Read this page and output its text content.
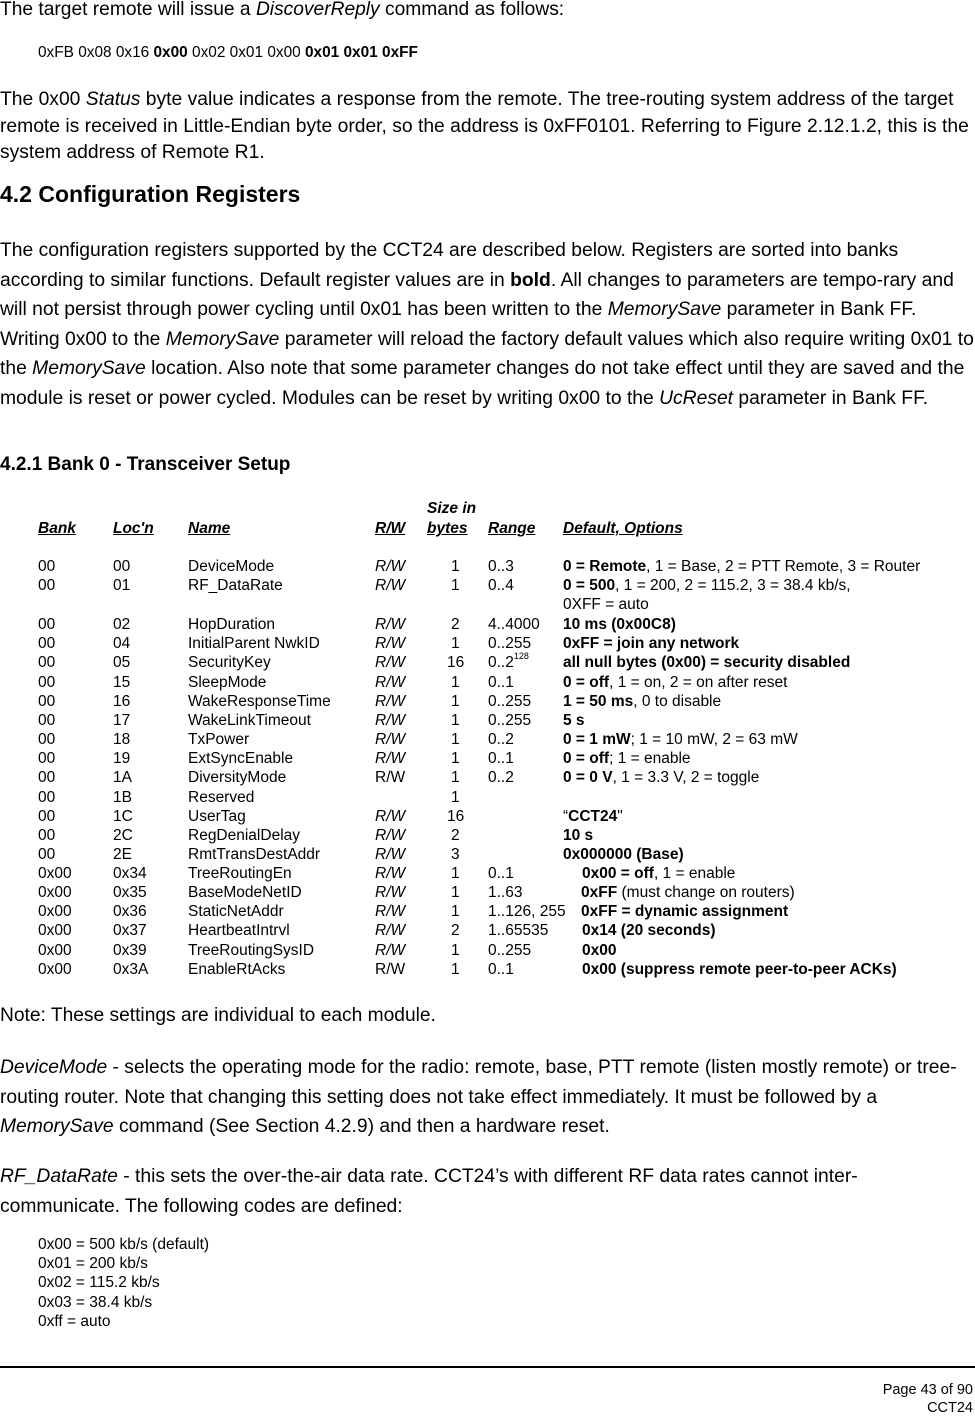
The target remote will issue a DiscoverReply command as follows:
0xFB 0x08 0x16 0x00 0x02 0x01 0x00 0x01 0x01 0xFF
The 0x00 Status byte value indicates a response from the remote. The tree-routing system address of the target remote is received in Little-Endian byte order, so the address is 0xFF0101. Referring to Figure 2.12.1.2, this is the system address of Remote R1.
4.2 Configuration Registers
The configuration registers supported by the CCT24 are described below. Registers are sorted into banks according to similar functions. Default register values are in bold. All changes to parameters are tempo-rary and will not persist through power cycling until 0x01 has been written to the MemorySave parameter in Bank FF. Writing 0x00 to the MemorySave parameter will reload the factory default values which also require writing 0x01 to the MemorySave location. Also note that some parameter changes do not take effect until they are saved and the module is reset or power cycled. Modules can be reset by writing 0x00 to the UcReset parameter in Bank FF.
4.2.1 Bank 0 - Transceiver Setup
Bank Loc'n Name	R/W
Size in
bytes Range Default, Options
00	00	DeviceMode	R/W	1	0..3	0 = Remote, 1 = Base, 2 = PTT Remote, 3 = Router
00	01	RF_DataRate	R/W	1	0..4	0 = 500, 1 = 200, 2 = 115.2, 3 = 38.4 kb/s,
0XFF = auto
00	02	HopDuration	R/W	2	4..4000 10 ms (0x00C8)
00	04	InitialParent NwkID	R/W	1	0..255 0xFF = join any network
00	05	SecurityKey	R/W	16	0..2$^{128}$ all null bytes (0x00) = security disabled
00	15	SleepMode	R/W	1	0..1	0 = off, 1 = on, 2 = on after reset
00	16	WakeResponseTime	R/W	1	0..255 1 = 50 ms, 0 to disable
00	17	WakeLinkTimeout	R/W	1	0..255 5 s
00	18	TxPower	R/W	1	0..2	0 = 1 mW; 1 = 10 mW, 2 = 63 mW
00	19	ExtSyncEnable	R/W	1	0..1	0 = off; 1 = enable
00	1A	DiversityMode	R/W	1	0..2	0 = 0 V, 1 = 3.3 V, 2 = toggle
00	1B	Reserved	1
00	1C	UserTag	R/W	16	“CCT24"
00	2C	RegDenialDelay	R/W	2	10 s
00	2E	RmtTransDestAddr	R/W	3	0x000000 (Base)
0x00	0x34	TreeRoutingEn	R/W	1	0..1	0x00 = off, 1 = enable
0x00	0x35	BaseModeNetID	R/W	1	1..63	0xFF (must change on routers)
0x00	0x36	StaticNetAddr	R/W	1	1..126, 255 0xFF = dynamic assignment
0x00	0x37	HeartbeatIntrvl	R/W	2	1..65535 0x14 (20 seconds)
0x00	0x39	TreeRoutingSysID	R/W	1	0..255	0x00
0x00	0x3A	EnableRtAcks	R/W	1	0..1	0x00 (suppress remote peer-to-peer ACKs)
Note: These settings are individual to each module.
DeviceMode - selects the operating mode for the radio: remote, base, PTT remote (listen mostly remote) or tree-routing router. Note that changing this setting does not take effect immediately. It must be followed by a MemorySave command (See Section 4.2.9) and then a hardware reset.
RF_DataRate - this sets the over-the-air data rate. CCT24’s with different RF data rates cannot inter-communicate. The following codes are defined:
0x00 = 500 kb/s (default)
0x01 = 200 kb/s
0x02 = 115.2 kb/s
0x03 = 38.4 kb/s
0xff = auto
Page 43 of 90
CCT24
